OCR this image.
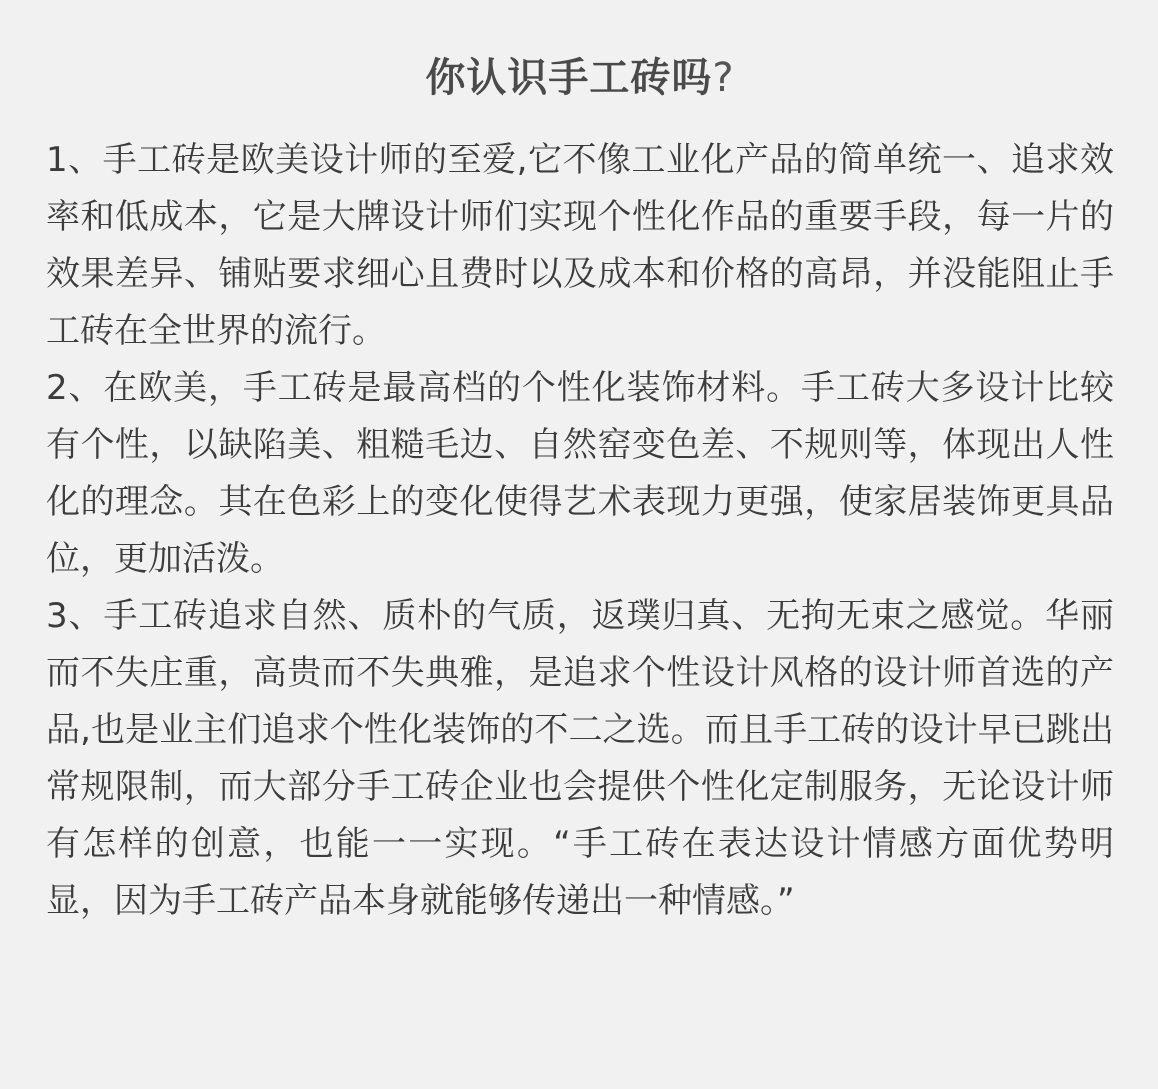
你认识手工砖吗?

1、手工砖是欧美设计师的至爱,它不像工业化产品的简单统一、追求效率和低成本，它是大牌设计师们实现个性化作品的重要手段，每一片的效果差异、铺贴要求细心且费时以及成本和价格的高昂，并没能阻止手工砖在全世界的流行。

2、在欧美，手工砖是最高档的个性化装饰材料。手工砖大多设计比较有个性，以缺陷美、粗糙毛边、自然窑变色差、不规则等，体现出人性化的理念。其在色彩上的变化使得艺术表现力更强，使家居装饰更具品位，更加活泼。

3、手工砖追求自然、质朴的气质，返璞归真、无拘无束之感觉。华丽而不失庄重，高贵而不失典雅，是追求个性设计风格的设计师首选的产品,也是业主们追求个性化装饰的不二之选。而且手工砖的设计早已跳出常规限制，而大部分手工砖企业也会提供个性化定制服务，无论设计师有怎样的创意，也能一一实现。“手工砖在表达设计情感方面优势明显，因为手工砖产品本身就能够传递出一种情感。”
